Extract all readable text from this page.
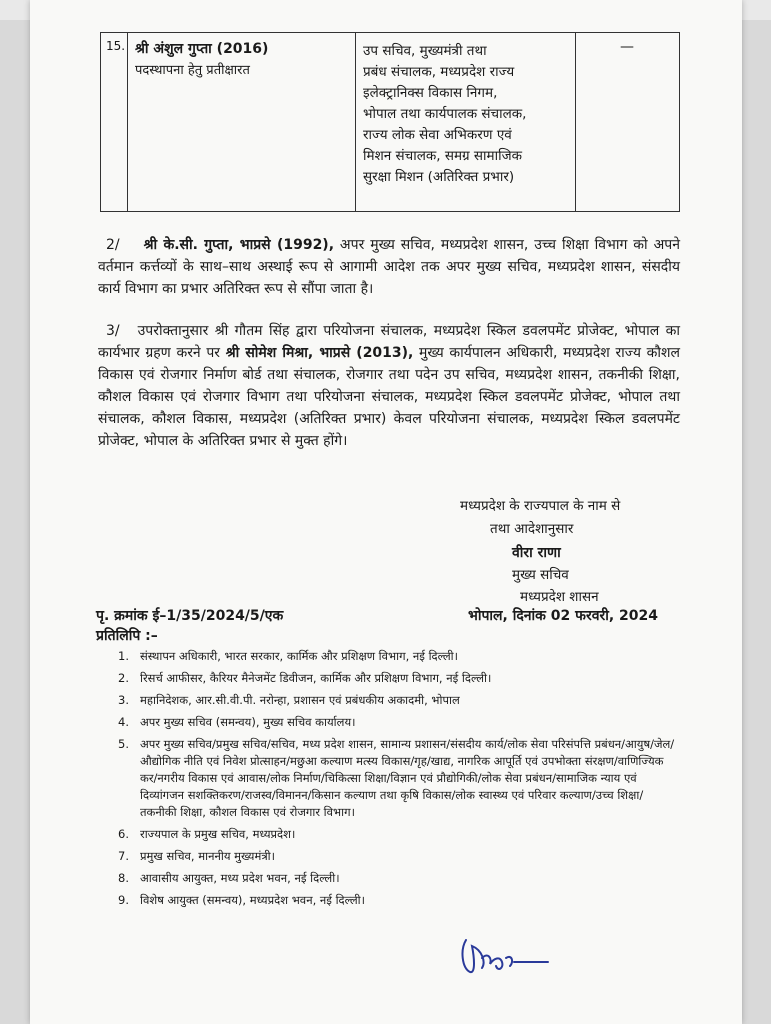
15. श्री अंशुल गुप्ता (2016)
पदस्थापना हेतु प्रतीक्षारत
उप सचिव, मुख्यमंत्री तथा
प्रबंध संचालक, मध्यप्रदेश राज्य
इलेक्ट्रानिक्स विकास निगम,
भोपाल तथा कार्यपालक संचालक,
राज्य लोक सेवा अभिकरण एवं
मिशन संचालक, समग्र सामाजिक
सुरक्षा मिशन (अतिरिक्त प्रभार)
—
2/ श्री के.सी. गुप्ता, भाप्रसे (1992), अपर मुख्य सचिव, मध्यप्रदेश शासन, उच्च शिक्षा विभाग को अपने वर्तमान कर्त्तव्यों के साथ–साथ अस्थाई रूप से आगामी आदेश तक अपर मुख्य सचिव, मध्यप्रदेश शासन, संसदीय कार्य विभाग का प्रभार अतिरिक्त रूप से सौंपा जाता है।
3/ उपरोक्तानुसार श्री गौतम सिंह द्वारा परियोजना संचालक, मध्यप्रदेश स्किल डवलपमेंट प्रोजेक्ट, भोपाल का कार्यभार ग्रहण करने पर श्री सोमेश मिश्रा, भाप्रसे (2013), मुख्य कार्यपालन अधिकारी, मध्यप्रदेश राज्य कौशल विकास एवं रोजगार निर्माण बोर्ड तथा संचालक, रोजगार तथा पदेन उप सचिव, मध्यप्रदेश शासन, तकनीकी शिक्षा, कौशल विकास एवं रोजगार विभाग तथा परियोजना संचालक, मध्यप्रदेश स्किल डवलपमेंट प्रोजेक्ट, भोपाल तथा संचालक, कौशल विकास, मध्यप्रदेश (अतिरिक्त प्रभार) केवल परियोजना संचालक, मध्यप्रदेश स्किल डवलपमेंट प्रोजेक्ट, भोपाल के अतिरिक्त प्रभार से मुक्त होंगे।
मध्यप्रदेश के राज्यपाल के नाम से
तथा आदेशानुसार
वीरा राणा
मुख्य सचिव
मध्यप्रदेश शासन
पृ. क्रमांक ई–1/35/2024/5/एक	भोपाल, दिनांक 02 फरवरी, 2024
प्रतिलिपि :–
1. संस्थापन अधिकारी, भारत सरकार, कार्मिक और प्रशिक्षण विभाग, नई दिल्ली।
2. रिसर्च आफीसर, कैरियर मैनेजमेंट डिवीजन, कार्मिक और प्रशिक्षण विभाग, नई दिल्ली।
3. महानिदेशक, आर.सी.वी.पी. नरोन्हा, प्रशासन एवं प्रबंधकीय अकादमी, भोपाल
4. अपर मुख्य सचिव (समन्वय), मुख्य सचिव कार्यालय।
5. अपर मुख्य सचिव/प्रमुख सचिव/सचिव, मध्य प्रदेश शासन, सामान्य प्रशासन/संसदीय कार्य/लोक सेवा परिसंपत्ति प्रबंधन/आयुष/जेल/औद्योगिक नीति एवं निवेश प्रोत्साहन/मछुआ कल्याण मत्स्य विकास/गृह/खाद्य, नागरिक आपूर्ति एवं उपभोक्ता संरक्षण/वाणिज्यिक कर/नगरीय विकास एवं आवास/लोक निर्माण/चिकित्सा शिक्षा/विज्ञान एवं प्रौद्योगिकी/लोक सेवा प्रबंधन/सामाजिक न्याय एवं दिव्यांगजन सशक्तिकरण/राजस्व/विमानन/किसान कल्याण तथा कृषि विकास/लोक स्वास्थ्य एवं परिवार कल्याण/उच्च शिक्षा/तकनीकी शिक्षा, कौशल विकास एवं रोजगार विभाग।
6. राज्यपाल के प्रमुख सचिव, मध्यप्रदेश।
7. प्रमुख सचिव, माननीय मुख्यमंत्री।
8. आवासीय आयुक्त, मध्य प्रदेश भवन, नई दिल्ली।
9. विशेष आयुक्त (समन्वय), मध्यप्रदेश भवन, नई दिल्ली।
